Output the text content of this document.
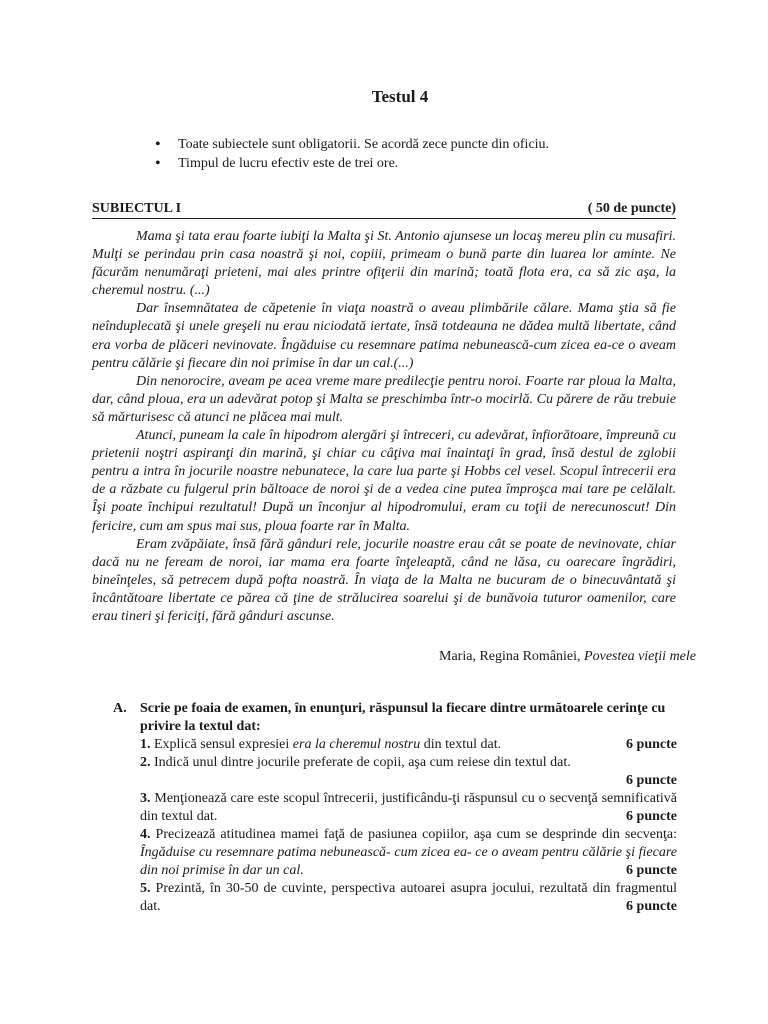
Testul 4
• Toate subiectele sunt obligatorii. Se acordă zece puncte din oficiu.
• Timpul de lucru efectiv este de trei ore.
SUBIECTUL I	( 50 de puncte)

Mama şi tata erau foarte iubiţi la Malta şi St. Antonio ajunsese un locaş mereu plin cu musafiri. Mulţi se perindau prin casa noastră şi noi, copiii, primeam o bună parte din luarea lor aminte. Ne făcurăm nenumăraţi prieteni, mai ales printre ofiţerii din marină; toată flota era, ca să zic aşa, la cheremul nostru. (...)

Dar însemnătatea de căpetenie în viaţa noastră o aveau plimbările călare. Mama ştia să fie neînduplecată şi unele greşeli nu erau niciodată iertate, însă totdeauna ne dădea multă libertate, când era vorba de plăceri nevinovate. Îngăduise cu resemnare patima nebunească-cum zicea ea-ce o aveam pentru călărie şi fiecare din noi primise în dar un cal.(...)

Din nenorocire, aveam pe acea vreme mare predilecţie pentru noroi. Foarte rar ploua la Malta, dar, când ploua, era un adevărat potop şi Malta se preschimba într-o mocirlă. Cu părere de rău trebuie să mărturisesc că atunci ne plăcea mai mult.

Atunci, puneam la cale în hipodrom alergări şi întreceri, cu adevărat, înfiorătoare, împreună cu prietenii noştri aspiranţi din marină, şi chiar cu câţiva mai înaintaţi în grad, însă destul de zglobii pentru a intra în jocurile noastre nebunatece, la care lua parte şi Hobbs cel vesel. Scopul întrecerii era de a răzbate cu fulgerul prin băltoace de noroi şi de a vedea cine putea împroşca mai tare pe celălalt. Îşi poate închipui rezultatul! După un înconjur al hipodromului, eram cu toţii de nerecunoscut! Din fericire, cum am spus mai sus, ploua foarte rar în Malta.

Eram zvăpăiate, însă fără gânduri rele, jocurile noastre erau cât se poate de nevinovate, chiar dacă nu ne feream de noroi, iar mama era foarte înţeleaptă, când ne lăsa, cu oarecare îngrădiri, bineînţeles, să petrecem după pofta noastră. În viaţa de la Malta ne bucuram de o binecuvântată şi încântătoare libertate ce părea că ţine de strălucirea soarelui şi de bunăvoia tuturor oamenilor, care erau tineri şi fericiţi, fără gânduri ascunse.

Maria, Regina României, Povestea vieţii mele
A. Scrie pe foaia de examen, în enunţuri, răspunsul la fiecare dintre următoarele cerinţe cu privire la textul dat:
1. Explică sensul expresiei era la cheremul nostru din textul dat.	6 puncte
2. Indică unul dintre jocurile preferate de copii, aşa cum reiese din textul dat.
6 puncte
3. Menţionează care este scopul întrecerii, justificându-ţi răspunsul cu o secvenţă semnificativă din textul dat.	6 puncte
4. Precizează atitudinea mamei faţă de pasiunea copiilor, aşa cum se desprinde din secvenţa: Îngăduise cu resemnare patima nebunească- cum zicea ea- ce o aveam pentru călărie şi fiecare din noi primise în dar un cal.	6 puncte
5. Prezintă, în 30-50 de cuvinte, perspectiva autoarei asupra jocului, rezultată din fragmentul dat.	6 puncte
